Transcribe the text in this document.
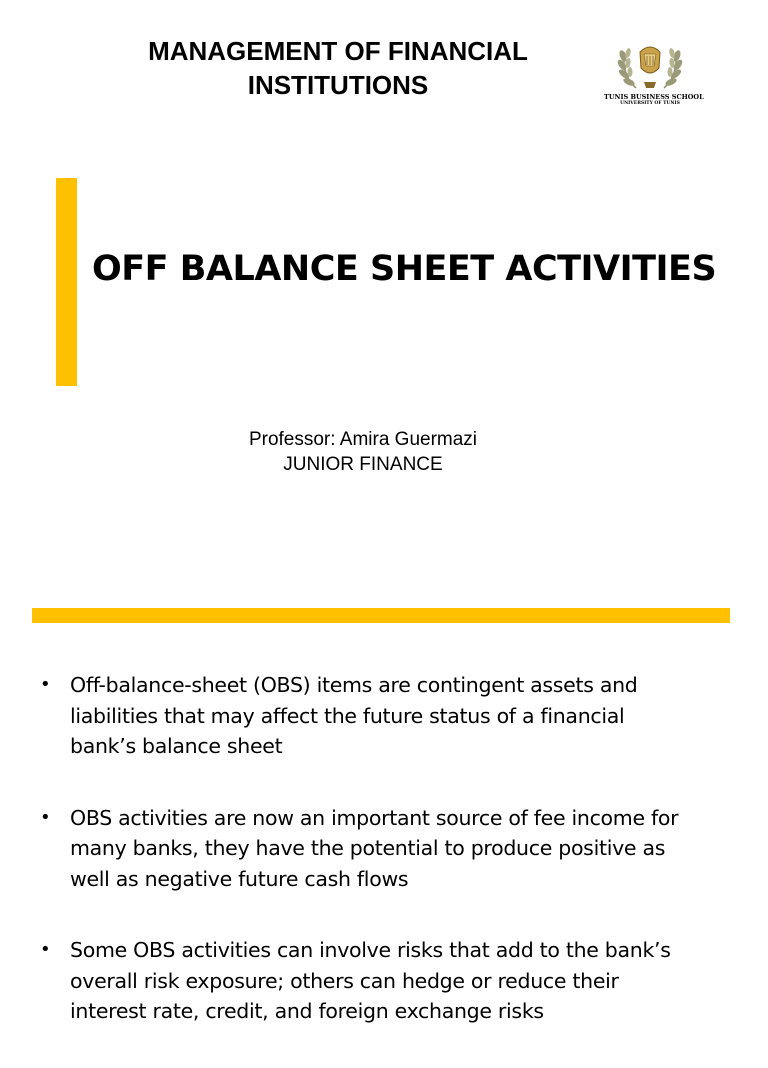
MANAGEMENT OF FINANCIAL
INSTITUTIONS	TUNIS BUSINESS SCHOOL
UNIVERSITY OF TUNIS
OFF BALANCE SHEET ACTIVITIES
Professor: Amira Guermazi
JUNIOR FINANCE
• Off-balance-sheet (OBS) items are contingent assets and
liabilities that may affect the future status of a financial
bank’s balance sheet
• OBS activities are now an important source of fee income for
many banks, they have the potential to produce positive as
well as negative future cash flows
• Some OBS activities can involve risks that add to the bank’s
overall risk exposure; others can hedge or reduce their
interest rate, credit, and foreign exchange risks
